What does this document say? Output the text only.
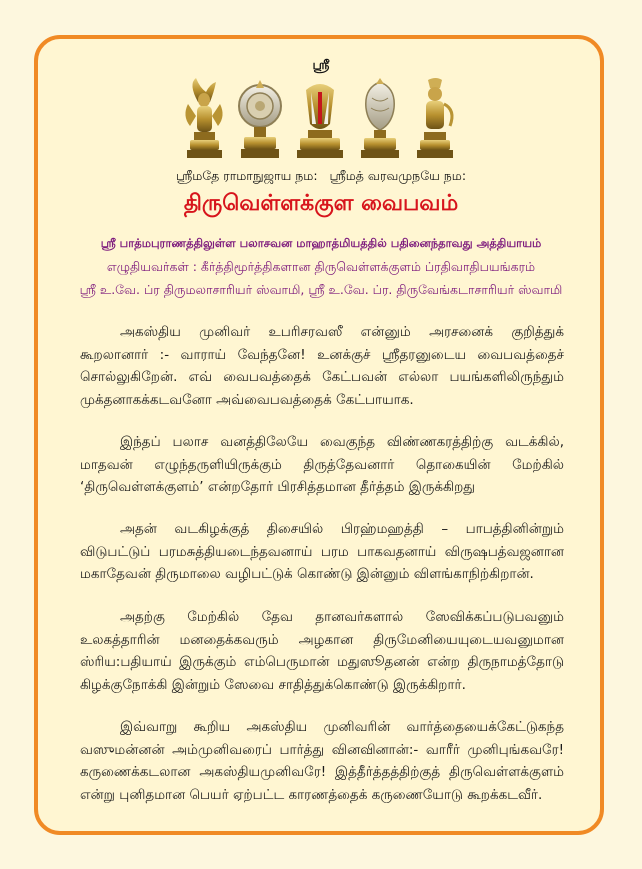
ஸ்ரீ
ஸ்ரீமதே ராமாநுஜாய நம:   ஸ்ரீமத் வரவமுநயே நம:
திருவெள்ளக்குள வைபவம்
ஸ்ரீ பாத்மபுராணத்திலுள்ள பலாசவன மாஹாத்மியத்தில் பதினைந்தாவது அத்தியாயம்
எழுதியவர்கள் : கீர்த்திமூர்த்திகளான திருவெள்ளக்குளம் ப்ரதிவாதிபயங்கரம்
ஸ்ரீ உ.வே. ப்ர திருமலாசாரியர் ஸ்வாமி, ஸ்ரீ உ.வே. ப்ர. திருவேங்கடாசாரியர் ஸ்வாமி

அகஸ்திய முனிவர் உபரிசரவஸீ என்னும் அரசனைக் குறித்துக் கூறலானார் :- வாராய் வேந்தனே! உனக்குச் ஸ்ரீதரனுடைய வைபவத்தைச் சொல்லுகிறேன். எவ் வைபவத்தைக் கேட்பவன் எல்லா பயங்களிலிருந்தும் முக்தனாகக்கடவனோ அவ்வைபவத்தைக் கேட்பாயாக.

இந்தப் பலாச வனத்திலேயே வைகுந்த விண்ணகரத்திற்கு வடக்கில், மாதவன் எழுந்தருளியிருக்கும் திருத்தேவனார் தொகையின் மேற்கில் ‘திருவெள்ளக்குளம்’ என்றதோர் பிரசித்தமான தீர்த்தம் இருக்கிறது

அதன் வடகிழக்குத் திசையில் பிரஹ்மஹத்தி – பாபத்தினின்றும் விடுபட்டுப் பரமசுத்தியடைந்தவனாய் பரம பாகவதனாய் விருஷபத்வஜனான மகாதேவன் திருமாலை வழிபட்டுக் கொண்டு இன்னும் விளங்காநிற்கிறான்.

அதற்கு மேற்கில் தேவ தானவர்களால் ஸேவிக்கப்படுபவனும் உலகத்தாரின் மனதைக்கவரும் அழகான திருமேனியையுடையவனுமான ஸ்ரிய:பதியாய் இருக்கும் எம்பெருமான் மதுஸூதனன் என்ற திருநாமத்தோடு கிழக்குநோக்கி இன்றும் ஸேவை சாதித்துக்கொண்டு இருக்கிறார்.

இவ்வாறு கூறிய அகஸ்திய முனிவரின் வார்த்தையைக்கேட்டுகந்த வஸுமன்னன் அம்முனிவரைப் பார்த்து வினவினான்:- வாரீர் முனிபுங்கவரே! கருணைக்கடலான அகஸ்தியமுனிவரே! இத்தீர்த்தத்திற்குத் திருவெள்ளக்குளம் என்று புனிதமான பெயர் ஏற்பட்ட காரணத்தைக் கருணையோடு கூறக்கடவீர்.
